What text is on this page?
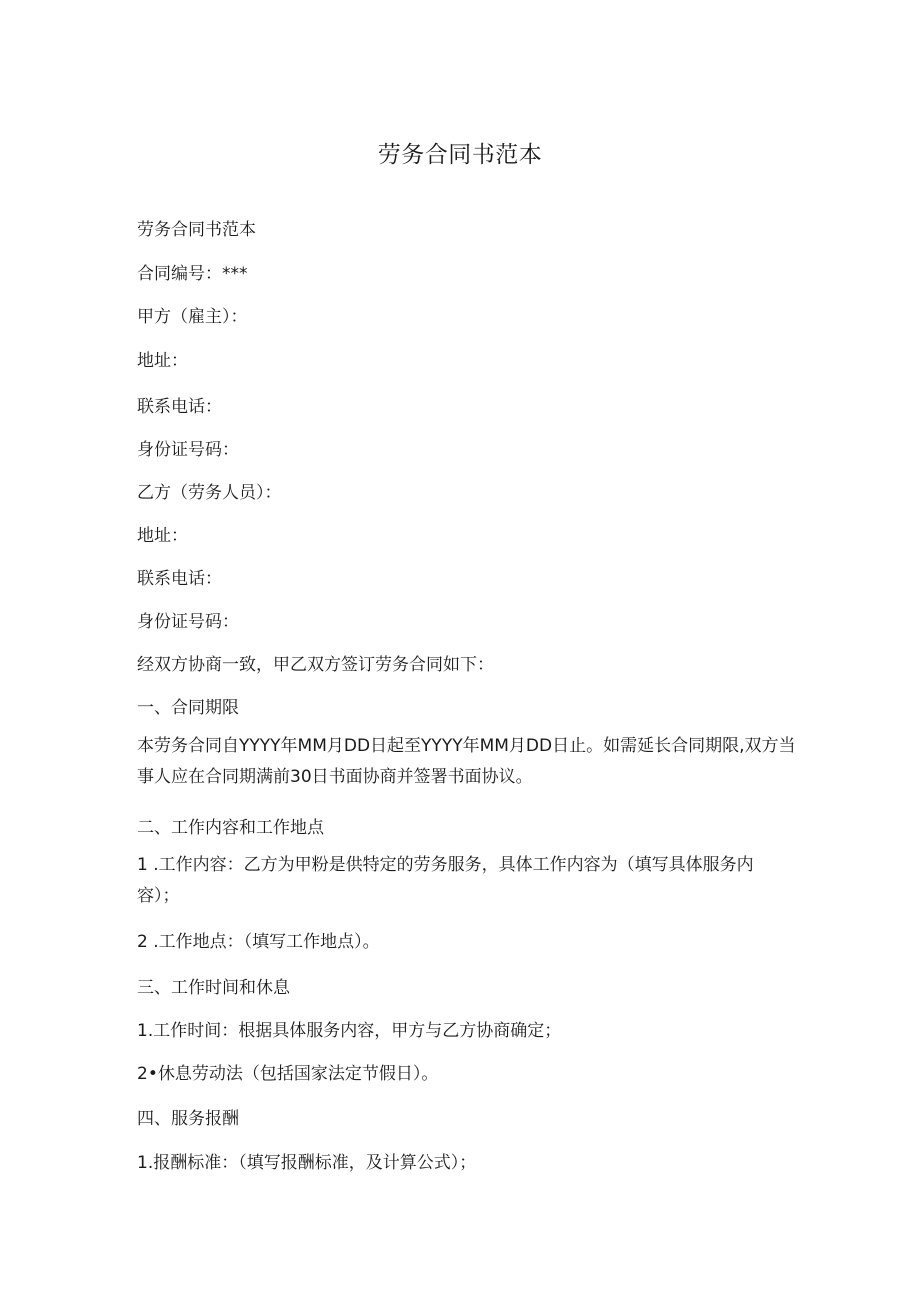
劳务合同书范本
劳务合同书范本
合同编号：***
甲方（雇主）：
地址：
联系电话：
身份证号码：
乙方（劳务人员）：
地址：
联系电话：
身份证号码：
经双方协商一致，甲乙双方签订劳务合同如下：
一、合同期限
本劳务合同自YYYY年MM月DD日起至YYYY年MM月DD日止。如需延长合同期限,双方当事人应在合同期满前30日书面协商并签署书面协议。
二、工作内容和工作地点
1 .工作内容：乙方为甲粉是供特定的劳务服务，具体工作内容为（填写具体服务内容）；
2 .工作地点：（填写工作地点）。
三、工作时间和休息
1.工作时间：根据具体服务内容，甲方与乙方协商确定；
2•休息劳动法（包括国家法定节假日）。
四、服务报酬
1.报酬标准：（填写报酬标准，及计算公式）；
